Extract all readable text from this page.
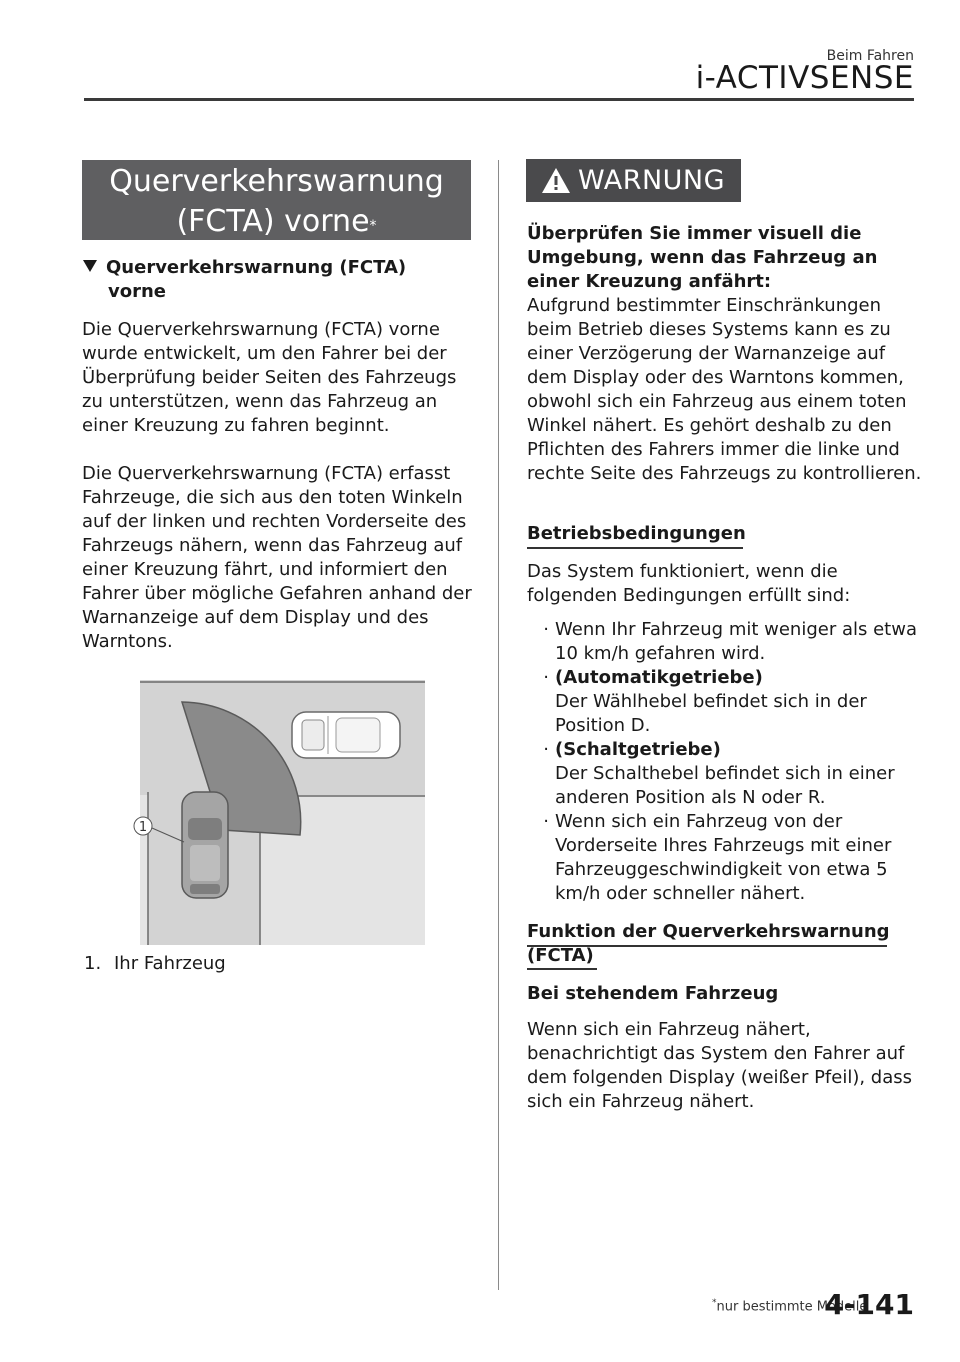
Beim Fahren
i-ACTIVSENSE
Querverkehrswarnung
(FCTA) vorne*
Querverkehrswarnung (FCTA)
vorne
Die Querverkehrswarnung (FCTA) vorne wurde entwickelt, um den Fahrer bei der Überprüfung beider Seiten des Fahrzeugs zu unterstützen, wenn das Fahrzeug an einer Kreuzung zu fahren beginnt.
Die Querverkehrswarnung (FCTA) erfasst Fahrzeuge, die sich aus den toten Winkeln auf der linken und rechten Vorderseite des Fahrzeugs nähern, wenn das Fahrzeug auf einer Kreuzung fährt, und informiert den Fahrer über mögliche Gefahren anhand der Warnanzeige auf dem Display und des Warntons.
1
1. Ihr Fahrzeug
WARNUNG
Überprüfen Sie immer visuell die Umgebung, wenn das Fahrzeug an einer Kreuzung anfährt:
Aufgrund bestimmter Einschränkungen beim Betrieb dieses Systems kann es zu einer Verzögerung der Warnanzeige auf dem Display oder des Warntons kommen, obwohl sich ein Fahrzeug aus einem toten Winkel nähert. Es gehört deshalb zu den Pflichten des Fahrers immer die linke und rechte Seite des Fahrzeugs zu kontrollieren.
Betriebsbedingungen
Das System funktioniert, wenn die folgenden Bedingungen erfüllt sind:
· Wenn Ihr Fahrzeug mit weniger als etwa 10 km/h gefahren wird.
· (Automatikgetriebe)
Der Wählhebel befindet sich in der Position D.
· (Schaltgetriebe)
Der Schalthebel befindet sich in einer anderen Position als N oder R.
· Wenn sich ein Fahrzeug von der Vorderseite Ihres Fahrzeugs mit einer Fahrzeuggeschwindigkeit von etwa 5 km/h oder schneller nähert.
Funktion der Querverkehrswarnung
(FCTA)
Bei stehendem Fahrzeug
Wenn sich ein Fahrzeug nähert, benachrichtigt das System den Fahrer auf dem folgenden Display (weißer Pfeil), dass sich ein Fahrzeug nähert.
*nur bestimmte Modelle
4-141
